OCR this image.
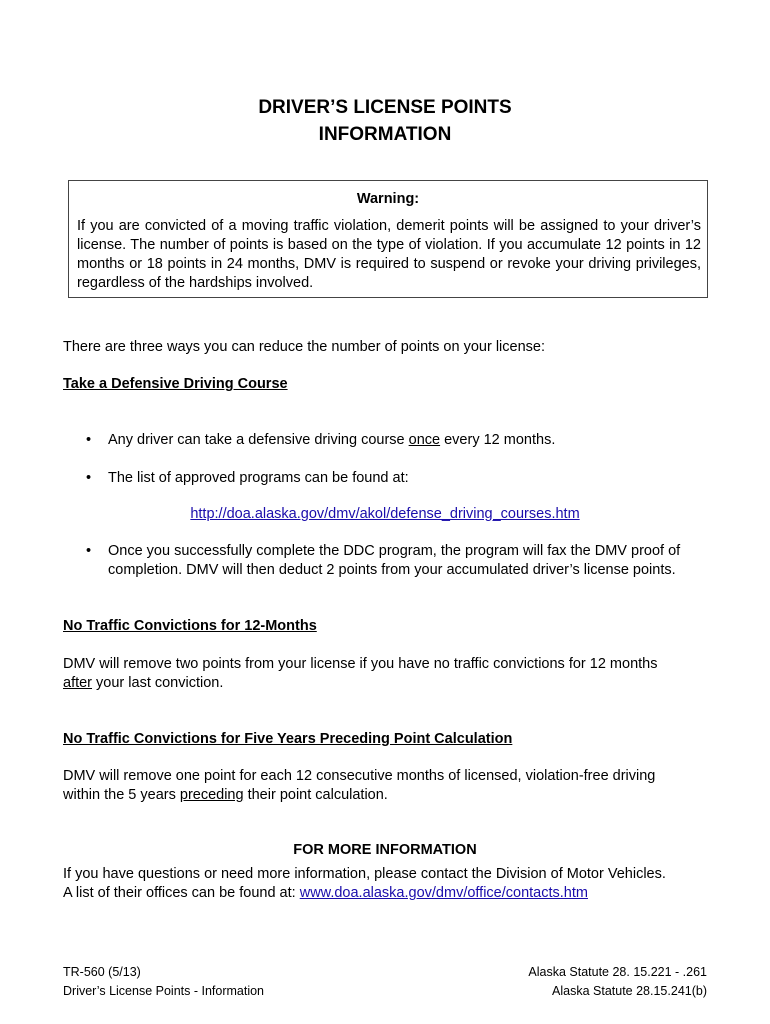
DRIVER’S LICENSE POINTS
INFORMATION
Warning:
If you are convicted of a moving traffic violation, demerit points will be assigned to your driver’s license. The number of points is based on the type of violation. If you accumulate 12 points in 12 months or 18 points in 24 months, DMV is required to suspend or revoke your driving privileges, regardless of the hardships involved.
There are three ways you can reduce the number of points on your license:
Take a Defensive Driving Course
• Any driver can take a defensive driving course once every 12 months.
• The list of approved programs can be found at:
http://doa.alaska.gov/dmv/akol/defense_driving_courses.htm
• Once you successfully complete the DDC program, the program will fax the DMV proof of
completion. DMV will then deduct 2 points from your accumulated driver’s license points.
No Traffic Convictions for 12-Months
DMV will remove two points from your license if you have no traffic convictions for 12 months
after your last conviction.
No Traffic Convictions for Five Years Preceding Point Calculation
DMV will remove one point for each 12 consecutive months of licensed, violation-free driving
within the 5 years preceding their point calculation.
FOR MORE INFORMATION
If you have questions or need more information, please contact the Division of Motor Vehicles.
A list of their offices can be found at: www.doa.alaska.gov/dmv/office/contacts.htm
TR-560 (5/13)
Driver’s License Points - Information
Alaska Statute 28. 15.221 - .261
Alaska Statute 28.15.241(b)
